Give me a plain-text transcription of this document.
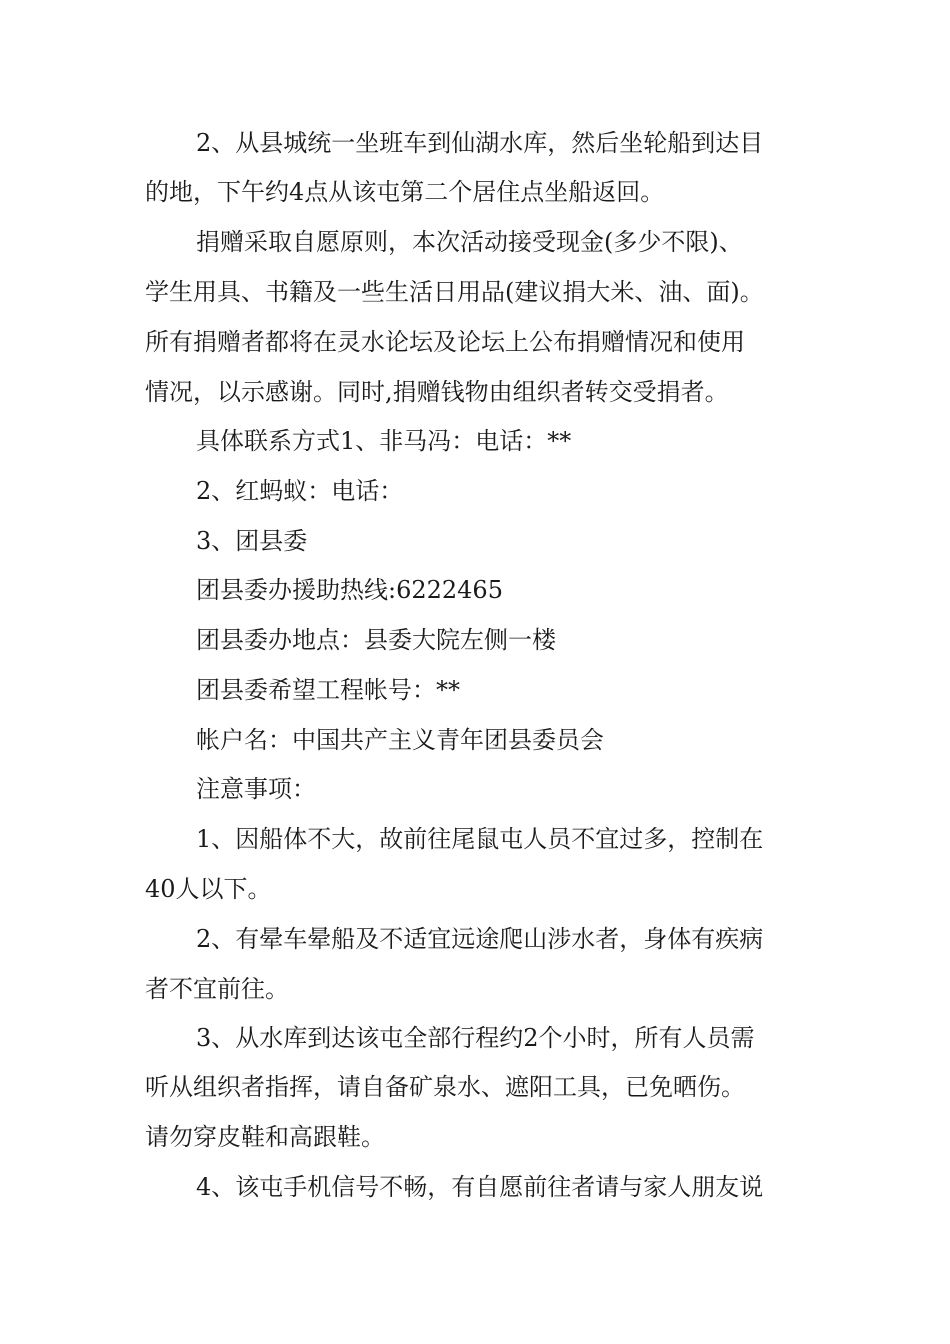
2、从县城统一坐班车到仙湖水库，然后坐轮船到达目
的地，下午约4点从该屯第二个居住点坐船返回。
捐赠采取自愿原则，本次活动接受现金(多少不限)、
学生用具、书籍及一些生活日用品(建议捐大米、油、面)。
所有捐赠者都将在灵水论坛及论坛上公布捐赠情况和使用
情况，以示感谢。同时,捐赠钱物由组织者转交受捐者。
具体联系方式1、非马冯：电话：**
2、红蚂蚁：电话：
3、团县委
团县委办援助热线:6222465
团县委办地点：县委大院左侧一楼
团县委希望工程帐号：**
帐户名：中国共产主义青年团县委员会
注意事项：
1、因船体不大，故前往尾鼠屯人员不宜过多，控制在
40人以下。
2、有晕车晕船及不适宜远途爬山涉水者，身体有疾病
者不宜前往。
3、从水库到达该屯全部行程约2个小时，所有人员需
听从组织者指挥，请自备矿泉水、遮阳工具，已免晒伤。
请勿穿皮鞋和高跟鞋。
4、该屯手机信号不畅，有自愿前往者请与家人朋友说
